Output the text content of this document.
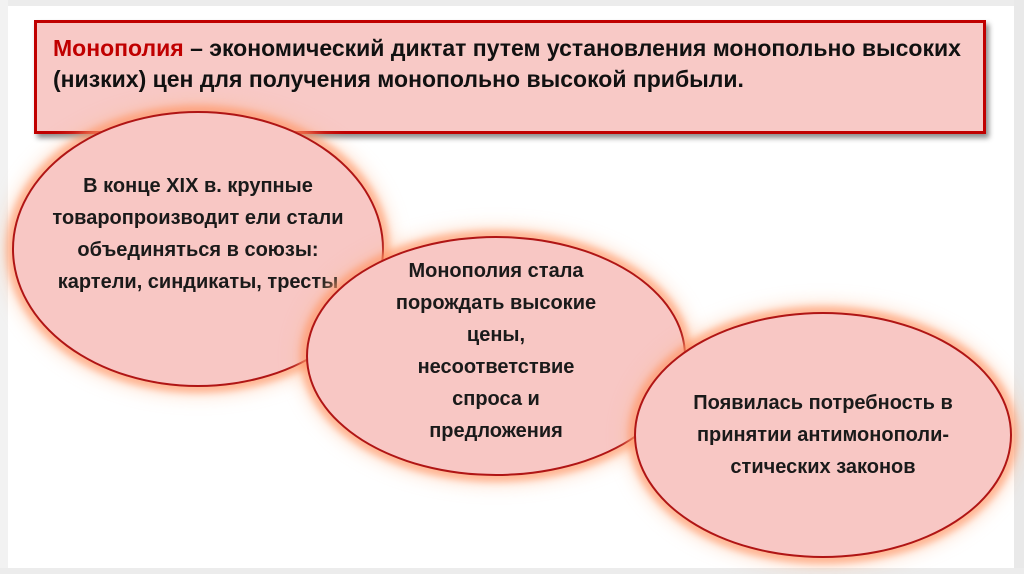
Монополия – экономический диктат путем установления монопольно высоких (низких) цен для получения монопольно высокой прибыли.
В конце XIX в. крупные товаропроизводит ели стали объединяться в союзы: картели, синдикаты, тресты	Монополия стала порождать высокие цены, несоответствие спроса и предложения
Появилась потребность в принятии антимонополи-стических законов
